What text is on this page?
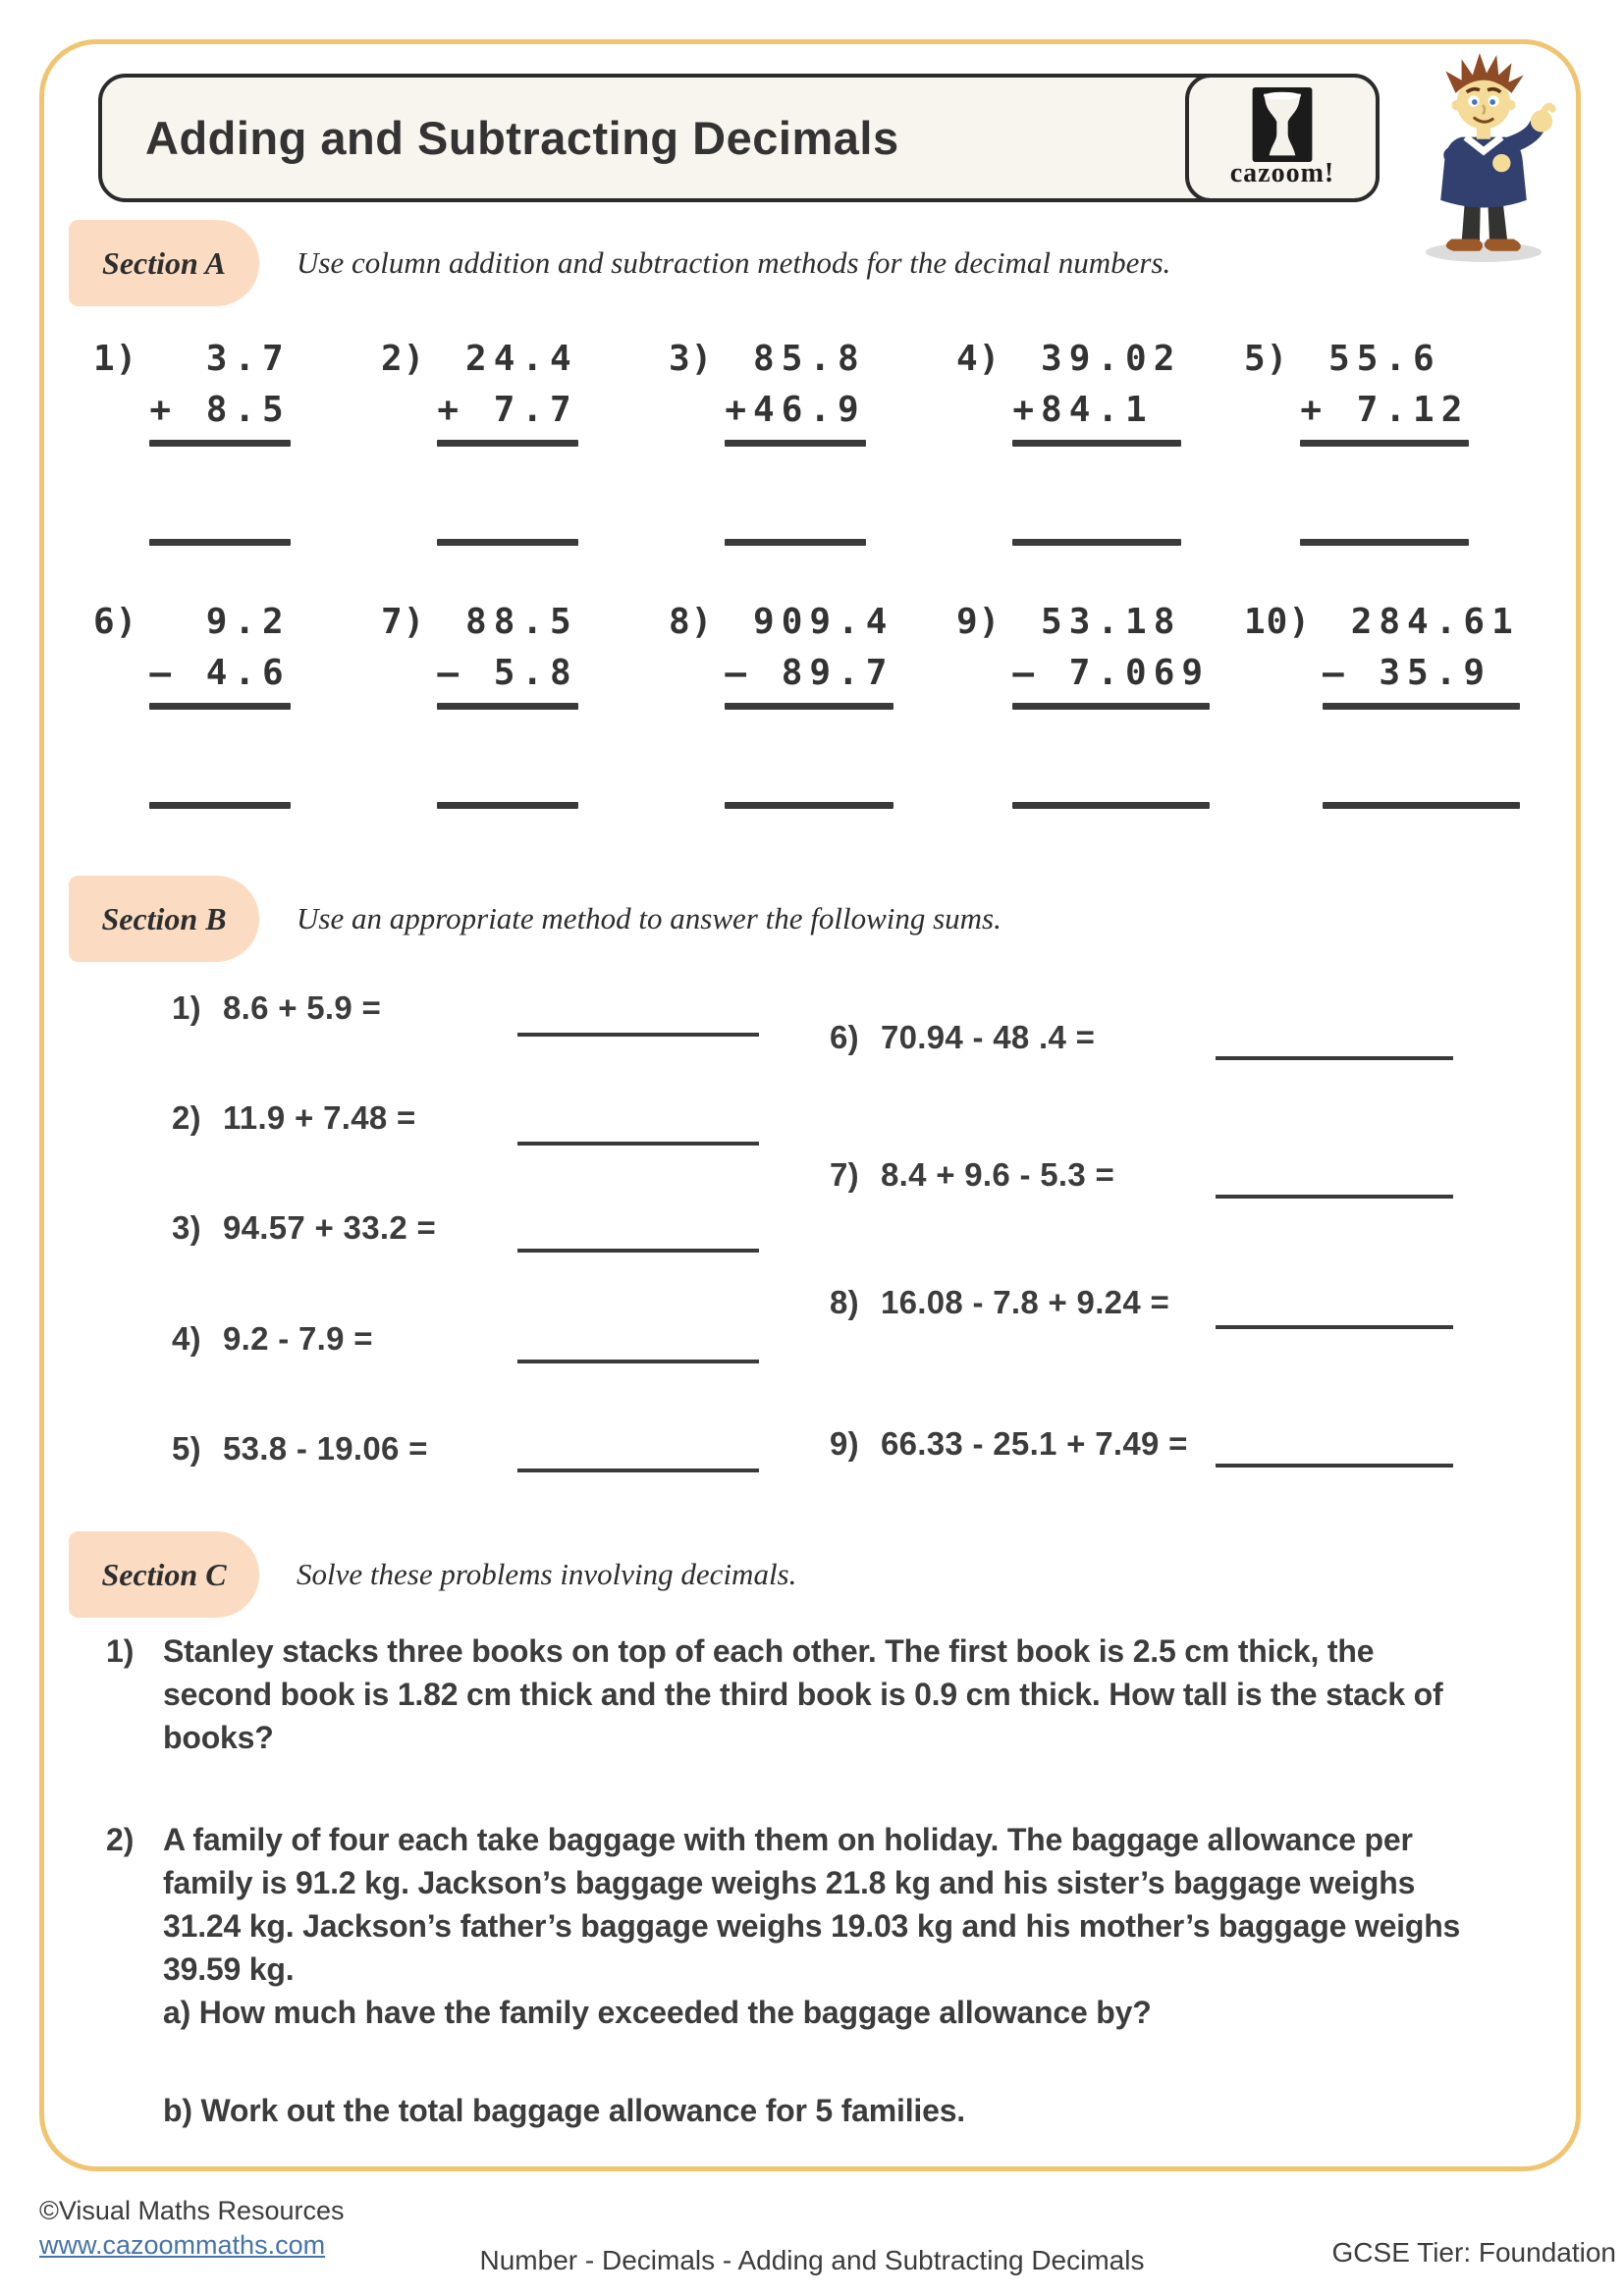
Adding and Subtracting Decimals
cazoom!
Section A Use column addition and subtraction methods for the decimal numbers.
1) 3.7
+ 8.5
2) 24.4
+ 7.7
3) 85.8
+46.9
4) 39.02
+84.1
5) 55.6
+ 7.12
6) 9.2
– 4.6
7) 88.5
– 5.8
8) 909.4
– 89.7
9) 53.18
– 7.069
10) 284.61
– 35.9
Section B Use an appropriate method to answer the following sums.
1) 8.6 + 5.9 =
2) 11.9 + 7.48 =
3) 94.57 + 33.2 =
4) 9.2 - 7.9 =
5) 53.8 - 19.06 =
6) 70.94 - 48 .4 =
7) 8.4 + 9.6 - 5.3 =
8) 16.08 - 7.8 + 9.24 =
9) 66.33 - 25.1 + 7.49 =
Section C Solve these problems involving decimals.
1) Stanley stacks three books on top of each other. The first book is 2.5 cm thick, the second book is 1.82 cm thick and the third book is 0.9 cm thick. How tall is the stack of books?
2) A family of four each take baggage with them on holiday. The baggage allowance per family is 91.2 kg. Jackson’s baggage weighs 21.8 kg and his sister’s baggage weighs 31.24 kg. Jackson’s father’s baggage weighs 19.03 kg and his mother’s baggage weighs 39.59 kg.
a) How much have the family exceeded the baggage allowance by?
b) Work out the total baggage allowance for 5 families.
©Visual Maths Resources
www.cazoommaths.com	Number - Decimals - Adding and Subtracting Decimals	GCSE Tier: Foundation
